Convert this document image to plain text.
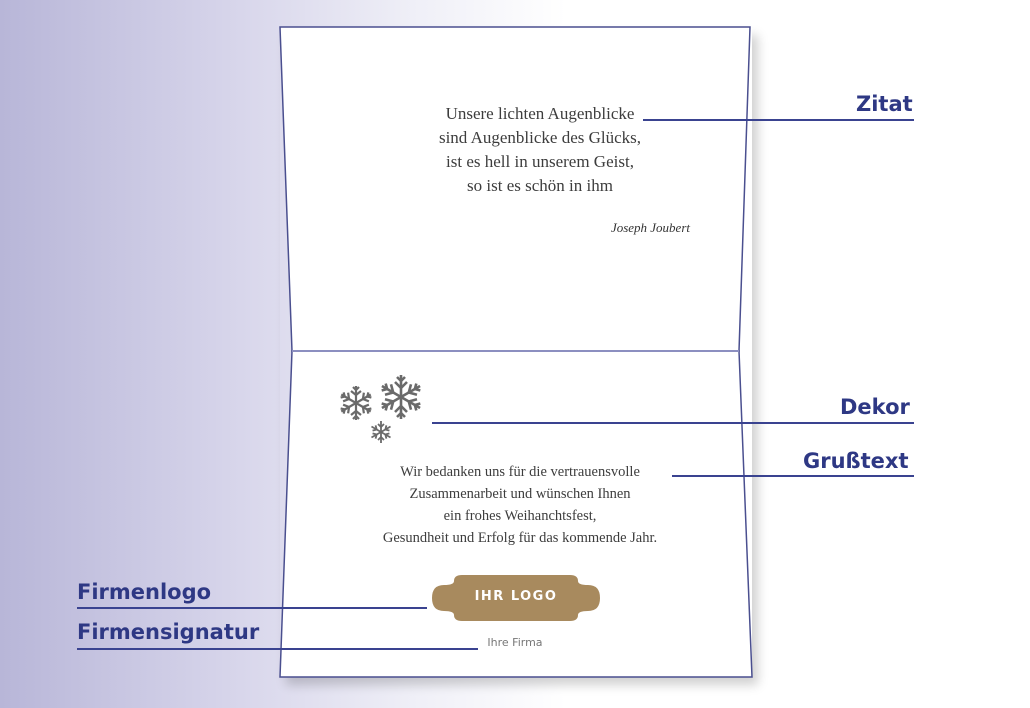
Unsere lichten Augenblicke
sind Augenblicke des Glücks,
ist es hell in unserem Geist,
so ist es schön in ihm
Joseph Joubert
Wir bedanken uns für die vertrauensvolle
Zusammenarbeit und wünschen Ihnen
ein frohes Weihanchtsfest,
Gesundheit und Erfolg für das kommende Jahr.
IHR LOGO
Ihre Firma
Zitat
Dekor
Grußtext
Firmenlogo
Firmensignatur
